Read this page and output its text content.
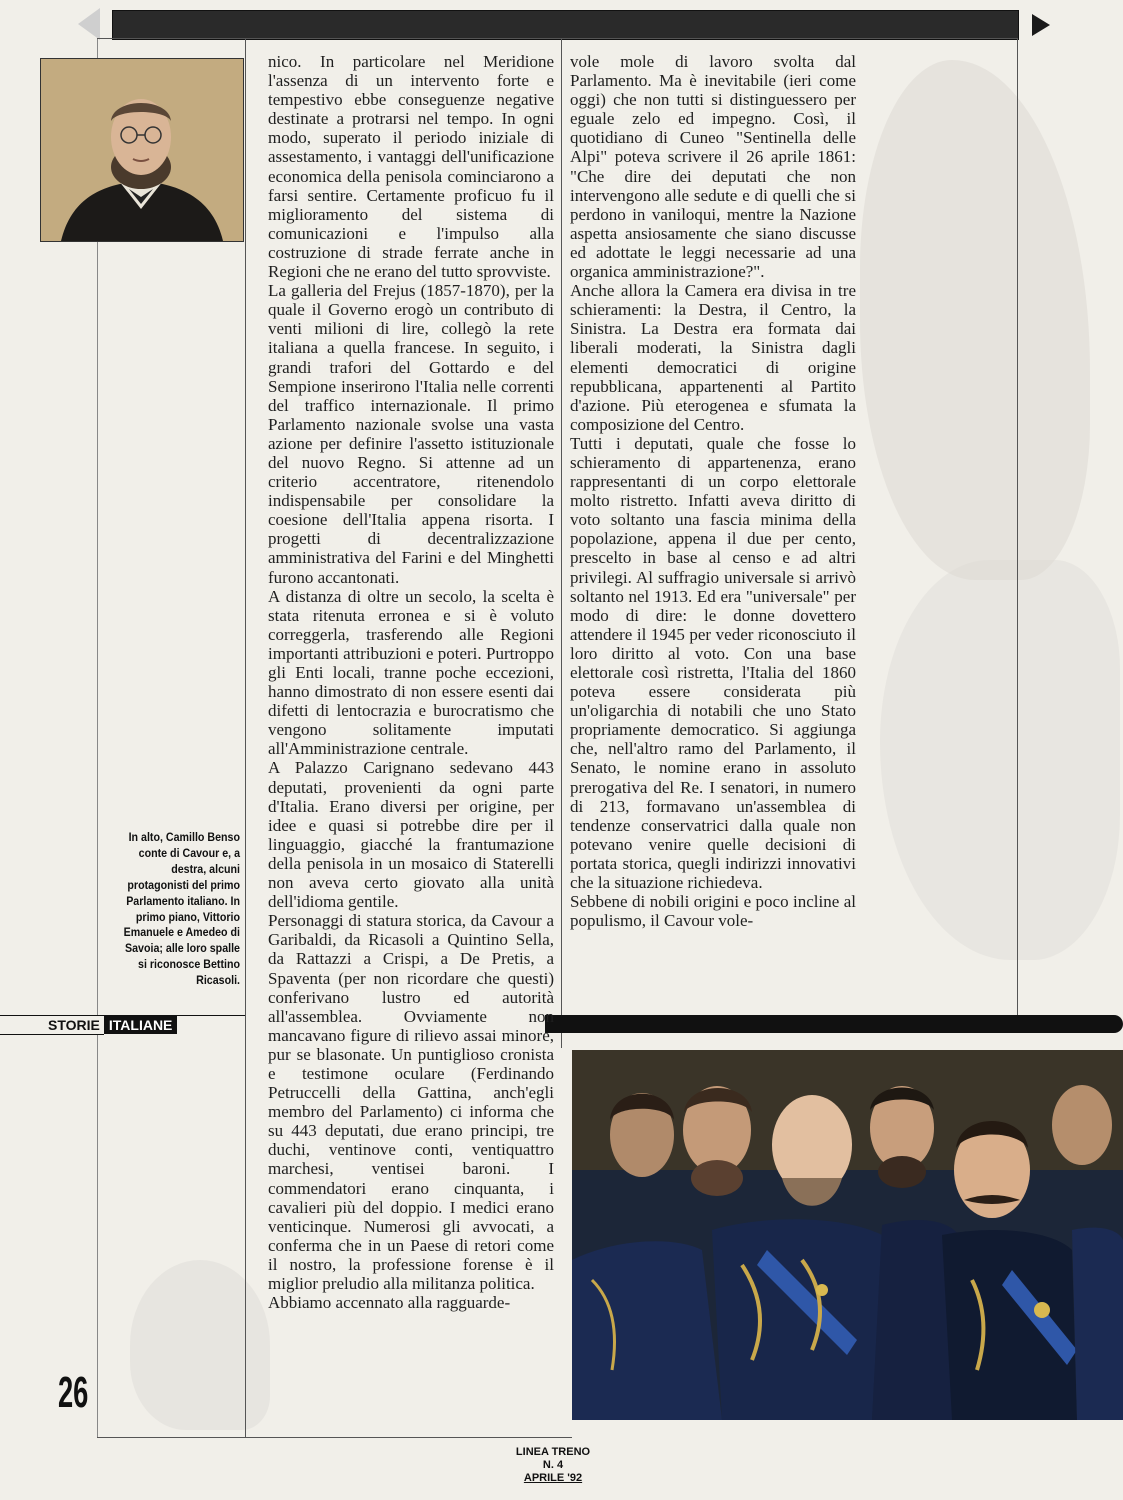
In alto, Camillo Benso conte di Cavour e, a destra, alcuni protagonisti del primo Parlamento italiano. In primo piano, Vittorio Emanuele e Amedeo di Savoia; alle loro spalle si riconosce Bettino Ricasoli.
STORIE ITALIANE
26

nico. In particolare nel Meridione l'assenza di un intervento forte e tempestivo ebbe conseguenze negative destinate a protrarsi nel tempo. In ogni modo, superato il periodo iniziale di assestamento, i vantaggi dell'unificazione economica della penisola cominciarono a farsi sentire. Certamente proficuo fu il miglioramento del sistema di comunicazioni e l'impulso alla costruzione di strade ferrate anche in Regioni che ne erano del tutto sprovviste.

La galleria del Frejus (1857-1870), per la quale il Governo erogò un contributo di venti milioni di lire, collegò la rete italiana a quella francese. In seguito, i grandi trafori del Gottardo e del Sempione inserirono l'Italia nelle correnti del traffico internazionale. Il primo Parlamento nazionale svolse una vasta azione per definire l'assetto istituzionale del nuovo Regno. Si attenne ad un criterio accentratore, ritenendolo indispensabile per consolidare la coesione dell'Italia appena risorta. I progetti di decentralizzazione amministrativa del Farini e del Minghetti furono accantonati.

A distanza di oltre un secolo, la scelta è stata ritenuta erronea e si è voluto correggerla, trasferendo alle Regioni importanti attribuzioni e poteri. Purtroppo gli Enti locali, tranne poche eccezioni, hanno dimostrato di non essere esenti dai difetti di lentocrazia e burocratismo che vengono solitamente imputati all'Amministrazione centrale.

A Palazzo Carignano sedevano 443 deputati, provenienti da ogni parte d'Italia. Erano diversi per origine, per idee e quasi si potrebbe dire per il linguaggio, giacché la frantumazione della penisola in un mosaico di Staterelli non aveva certo giovato alla unità dell'idioma gentile.

Personaggi di statura storica, da Cavour a Garibaldi, da Ricasoli a Quintino Sella, da Rattazzi a Crispi, a De Pretis, a Spaventa (per non ricordare che questi) conferivano lustro ed autorità all'assemblea. Ovviamente non mancavano figure di rilievo assai minore, pur se blasonate. Un puntiglioso cronista e testimone oculare (Ferdinando Petruccelli della Gattina, anch'egli membro del Parlamento) ci informa che su 443 deputati, due erano principi, tre duchi, ventinove conti, ventiquattro marchesi, ventisei baroni. I commendatori erano cinquanta, i cavalieri più del doppio. I medici erano venticinque. Numerosi gli avvocati, a conferma che in un Paese di retori come il nostro, la professione forense è il miglior preludio alla militanza politica.

Abbiamo accennato alla ragguarde-

vole mole di lavoro svolta dal Parlamento. Ma è inevitabile (ieri come oggi) che non tutti si distinguessero per eguale zelo ed impegno. Così, il quotidiano di Cuneo "Sentinella delle Alpi" poteva scrivere il 26 aprile 1861: "Che dire dei deputati che non intervengono alle sedute e di quelli che si perdono in vaniloqui, mentre la Nazione aspetta ansiosamente che siano discusse ed adottate le leggi necessarie ad una organica amministrazione?".

Anche allora la Camera era divisa in tre schieramenti: la Destra, il Centro, la Sinistra. La Destra era formata dai liberali moderati, la Sinistra dagli elementi democratici di origine repubblicana, appartenenti al Partito d'azione. Più eterogenea e sfumata la composizione del Centro.

Tutti i deputati, quale che fosse lo schieramento di appartenenza, erano rappresentanti di un corpo elettorale molto ristretto. Infatti aveva diritto di voto soltanto una fascia minima della popolazione, appena il due per cento, prescelto in base al censo e ad altri privilegi. Al suffragio universale si arrivò soltanto nel 1913. Ed era "universale" per modo di dire: le donne dovettero attendere il 1945 per veder riconosciuto il loro diritto al voto. Con una base elettorale così ristretta, l'Italia del 1860 poteva essere considerata più un'oligarchia di notabili che uno Stato propriamente democratico. Si aggiunga che, nell'altro ramo del Parlamento, il Senato, le nomine erano in assoluto prerogativa del Re. I senatori, in numero di 213, formavano un'assemblea di tendenze conservatrici dalla quale non potevano venire quelle decisioni di portata storica, quegli indirizzi innovativi che la situazione richiedeva.

Sebbene di nobili origini e poco incline al populismo, il Cavour vole-

LINEA TRENO
N. 4
APRILE '92
